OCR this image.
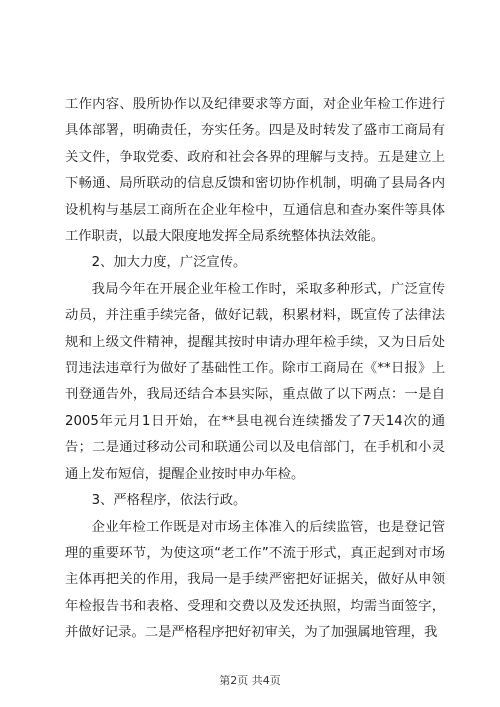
工作内容、股所协作以及纪律要求等方面，对企业年检工作进行具体部署，明确责任，夯实任务。四是及时转发了盛市工商局有关文件，争取党委、政府和社会各界的理解与支持。五是建立上下畅通、局所联动的信息反馈和密切协作机制，明确了县局各内设机构与基层工商所在企业年检中，互通信息和查办案件等具体工作职责，以最大限度地发挥全局系统整体执法效能。

2、加大力度，广泛宣传。

我局今年在开展企业年检工作时，采取多种形式，广泛宣传动员，并注重手续完备，做好记载，积累材料，既宣传了法律法规和上级文件精神，提醒其按时申请办理年检手续，又为日后处罚违法违章行为做好了基础性工作。除市工商局在《**日报》上刊登通告外，我局还结合本县实际，重点做了以下两点：一是自2005年元月1日开始，在**县电视台连续播发了7天14次的通告；二是通过移动公司和联通公司以及电信部门，在手机和小灵通上发布短信，提醒企业按时申办年检。

3、严格程序，依法行政。

企业年检工作既是对市场主体准入的后续监管，也是登记管理的重要环节，为使这项“老工作”不流于形式，真正起到对市场主体再把关的作用，我局一是手续严密把好证据关，做好从申领年检报告书和表格、受理和交费以及发还执照，均需当面签字，并做好记录。二是严格程序把好初审关，为了加强属地管理，我

第2页 共4页
